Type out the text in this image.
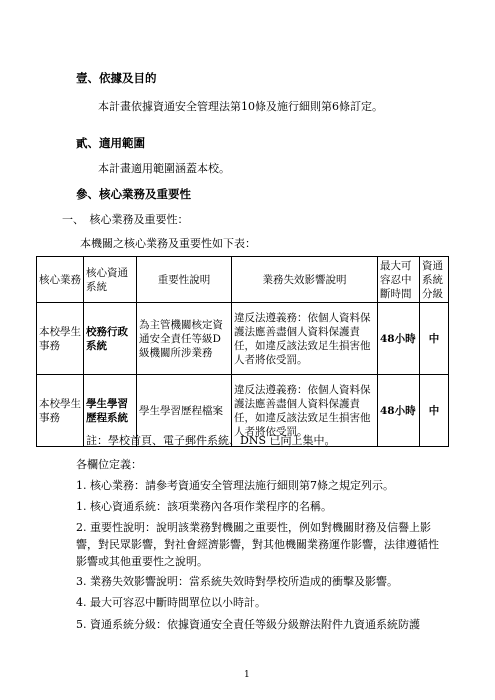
壹、依據及目的
本計畫依據資通安全管理法第10條及施行細則第6條訂定。
貳、適用範圍
本計畫適用範圍涵蓋本校。
參、核心業務及重要性
一、　核心業務及重要性：
本機關之核心業務及重要性如下表：
核心業務	核心資通系統	重要性說明	業務失效影響說明	最大可容忍中斷時間	資通系統分級
本校學生事務	校務行政系統	為主管機關核定資通安全責任等級D級機關所涉業務	違反法遵義務：依個人資料保護法應善盡個人資料保護責任，如違反該法致足生損害他人者將依受罰。	48小時	中
本校學生事務	學生學習歷程系統	學生學習歷程檔案	違反法遵義務：依個人資料保護法應善盡個人資料保護責任，如違反該法致足生損害他人者將依受罰。	48小時	中
註：學校首頁、電子郵件系統、DNS 已向上集中。
各欄位定義：
1. 核心業務：請參考資通安全管理法施行細則第7條之規定列示。
1. 核心資通系統：該項業務內各項作業程序的名稱。
2. 重要性說明：說明該業務對機關之重要性，例如對機關財務及信譽上影響，對民眾影響，對社會經濟影響，對其他機關業務運作影響，法律遵循性影響或其他重要性之說明。
3. 業務失效影響說明：當系統失效時對學校所造成的衝擊及影響。
4. 最大可容忍中斷時間單位以小時計。
5. 資通系統分級：依據資通安全責任等級分級辦法附件九資通系統防護
1
